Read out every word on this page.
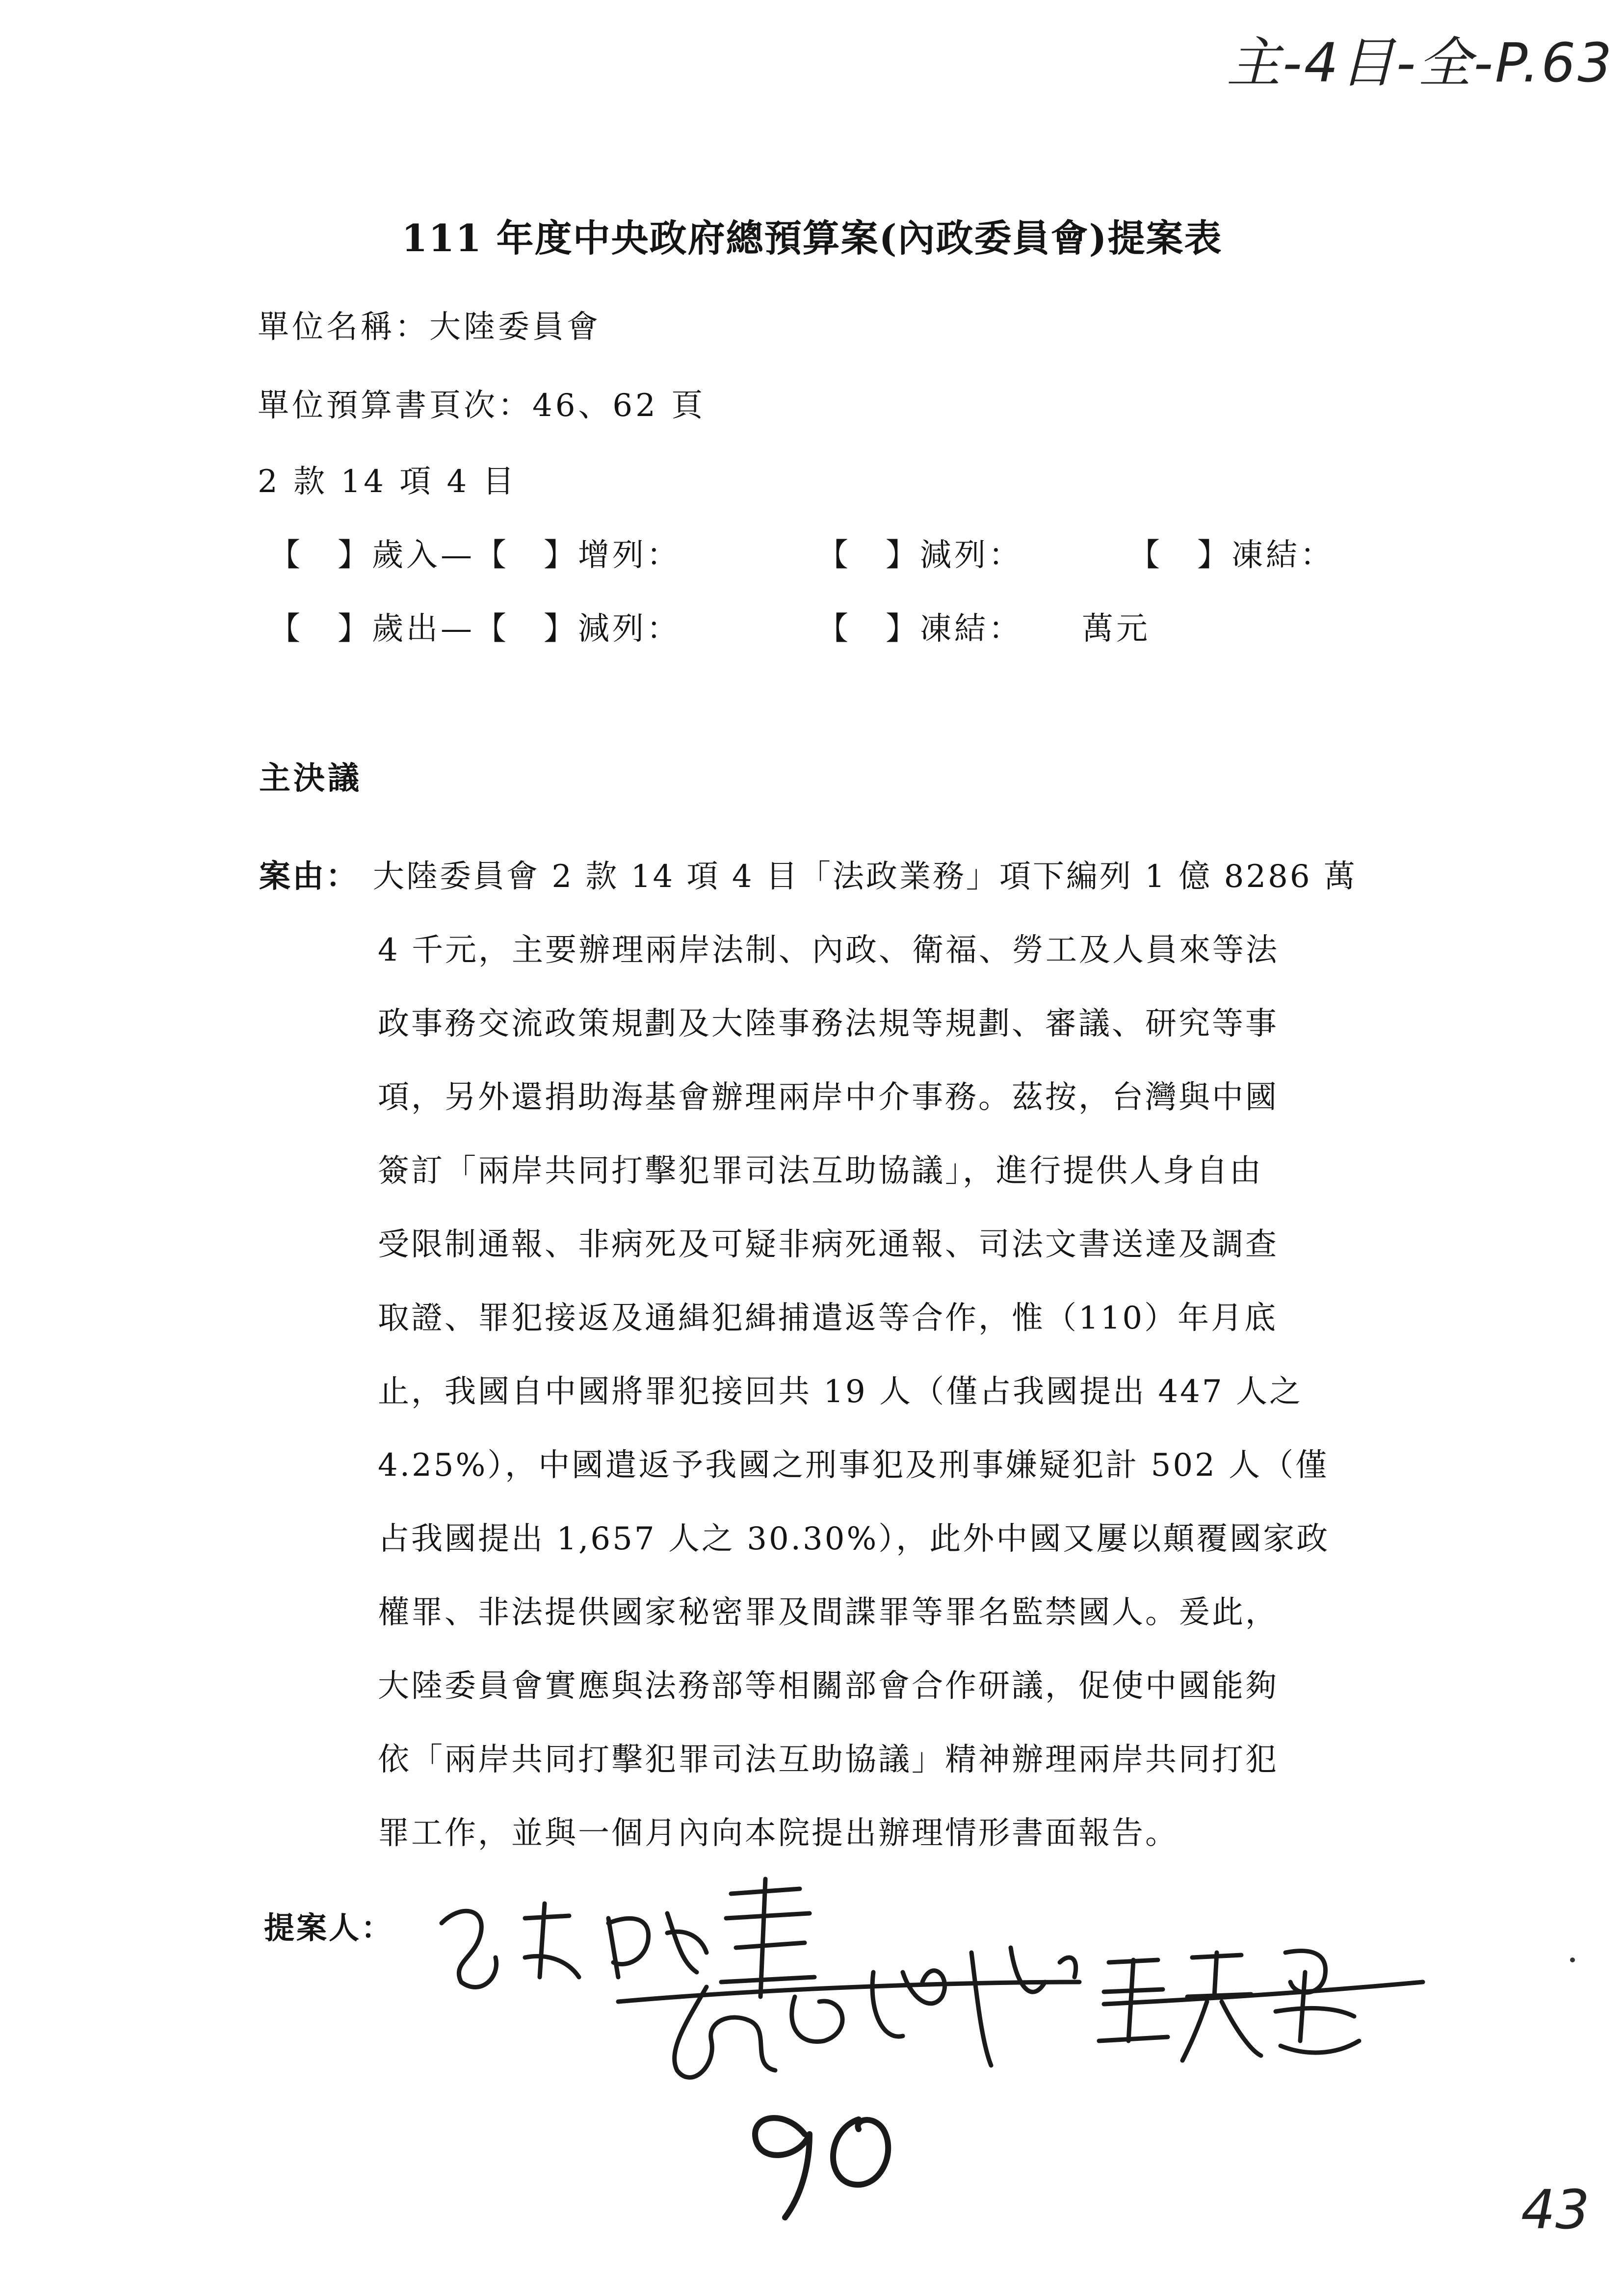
主-4目-全-P.63
111 年度中央政府總預算案(內政委員會)提案表
單位名稱：大陸委員會
單位預算書頁次：46、62 頁
2 款 14 項 4 目
【　】歲入—【　】增列：	【　】減列：	【　】凍結：
【　】歲出—【　】減列：	【　】凍結： 萬元
主決議
案由： 大陸委員會 2 款 14 項 4 目「法政業務」項下編列 1 億 8286 萬
4 千元，主要辦理兩岸法制、內政、衛福、勞工及人員來等法
政事務交流政策規劃及大陸事務法規等規劃、審議、研究等事
項，另外還捐助海基會辦理兩岸中介事務。茲按，台灣與中國
簽訂「兩岸共同打擊犯罪司法互助協議」，進行提供人身自由
受限制通報、非病死及可疑非病死通報、司法文書送達及調查
取證、罪犯接返及通緝犯緝捕遣返等合作，惟（110）年月底
止，我國自中國將罪犯接回共 19 人（僅占我國提出 447 人之
4.25%），中國遣返予我國之刑事犯及刑事嫌疑犯計 502 人（僅
占我國提出 1,657 人之 30.30%），此外中國又屢以顛覆國家政
權罪、非法提供國家秘密罪及間諜罪等罪名監禁國人。爰此，
大陸委員會實應與法務部等相關部會合作研議，促使中國能夠
依「兩岸共同打擊犯罪司法互助協議」精神辦理兩岸共同打犯
罪工作，並與一個月內向本院提出辦理情形書面報告。
提案人：
王美惠
43
